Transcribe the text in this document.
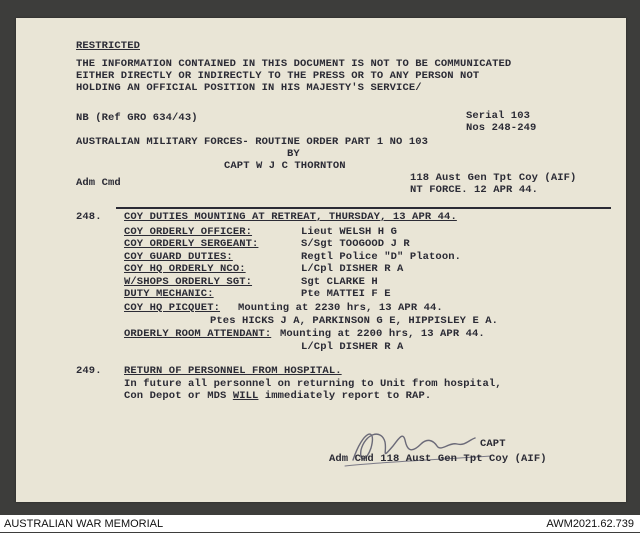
RESTRICTED
THE INFORMATION CONTAINED IN THIS DOCUMENT IS NOT TO BE COMMUNICATED
EITHER DIRECTLY OR INDIRECTLY TO THE PRESS OR TO ANY PERSON NOT
HOLDING AN OFFICIAL POSITION IN HIS MAJESTY'S SERVICE/
NB (Ref GRO 634/43)	Serial 103
Nos 248-249
AUSTRALIAN MILITARY FORCES- ROUTINE ORDER PART 1 NO 103
BY
CAPT W J C THORNTON
Adm Cmd	118 Aust Gen Tpt Coy (AIF)
NT FORCE. 12 APR 44.
248. COY DUTIES MOUNTING AT RETREAT, THURSDAY, 13 APR 44.
COY ORDERLY OFFICER:	Lieut WELSH H G
COY ORDERLY SERGEANT:	S/Sgt TOOGOOD J R
COY GUARD DUTIES:	Regtl Police "D" Platoon.
COY HQ ORDERLY NCO:	L/Cpl DISHER R A
W/SHOPS ORDERLY SGT:	Sgt CLARKE H
DUTY MECHANIC:	Pte MATTEI F E
COY HQ PICQUET: Mounting at 2230 hrs, 13 APR 44.
Ptes HICKS J A, PARKINSON G E, HIPPISLEY E A.
ORDERLY ROOM ATTENDANT: Mounting at 2200 hrs, 13 APR 44.
L/Cpl DISHER R A
249. RETURN OF PERSONNEL FROM HOSPITAL.
In future all personnel on returning to Unit from hospital,
Con Depot or MDS WILL immediately report to RAP.
CAPT
Adm Cmd 118 Aust Gen Tpt Coy (AIF)
AUSTRALIAN WAR MEMORIAL	AWM2021.62.739
